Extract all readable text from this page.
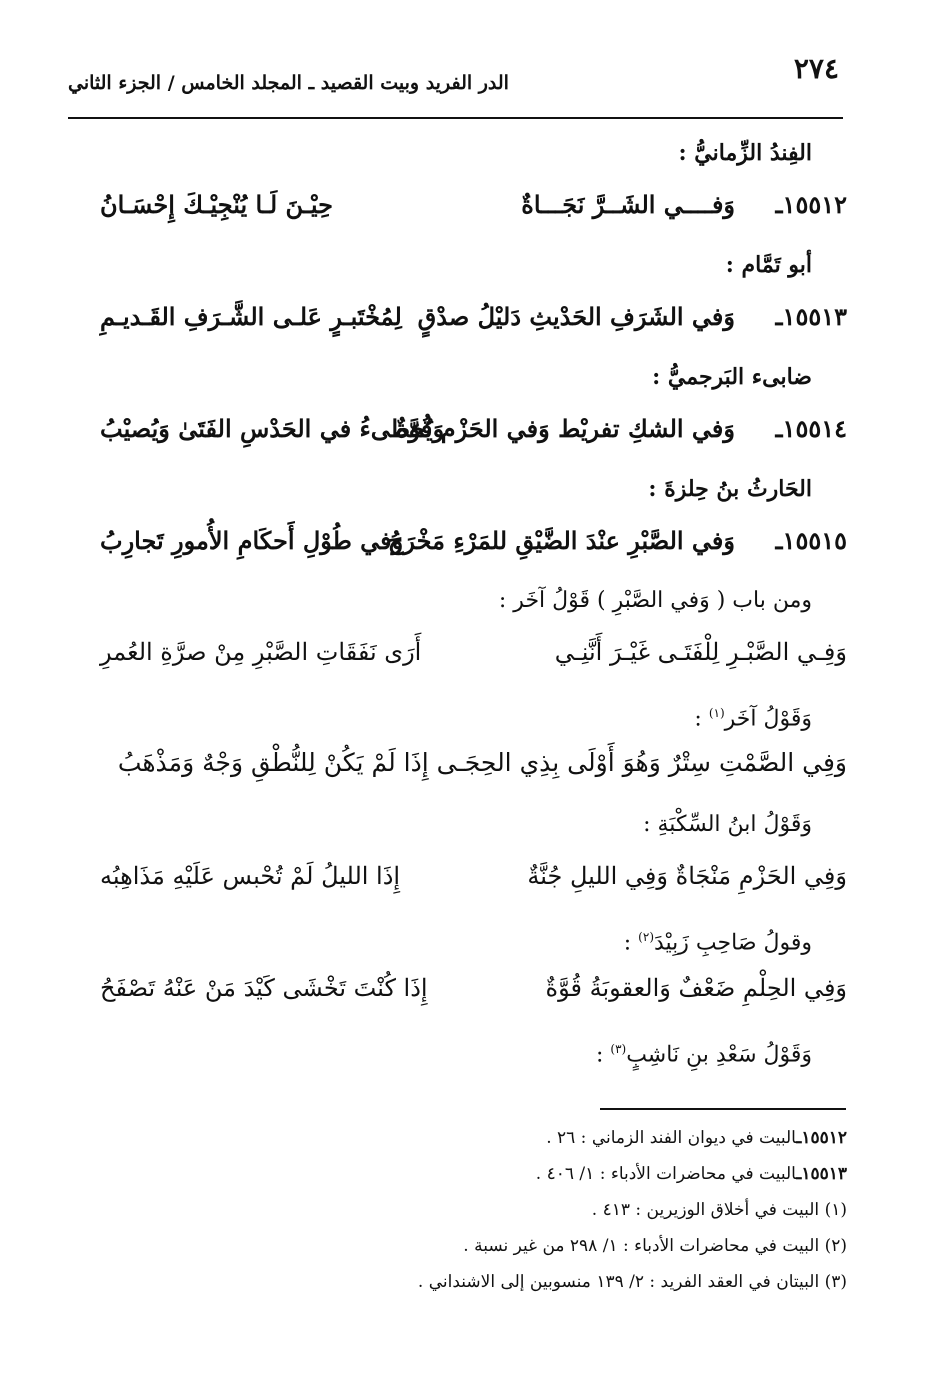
٢٧٤
الدر الفريد وبيت القصيد ـ المجلد الخامس / الجزء الثاني
الفِندُ الزِّمانيُّ :
١٥٥١٢ـ
وَفــــي الشَــرَّ نَجَـــاةٌ
حِيْـنَ لَـا يُنْجِيْـكَ إِحْسَـانُ
أبو تَمَّام :
١٥٥١٣ـ
وَفي الشَرَفِ الحَدْيثِ دَليْلُ صدْقٍ
لِمُخْتَبـرٍ عَلـى الشَّـرَفِ القَـديـمِ
ضابىء البَرجميُّ :
١٥٥١٤ـ
وَفي الشكِ تفريْط وَفي الحَزْم قُوَّةٌ
وَيُخطىءُ في الحَدْسِ الفَتَىٰ وَيُصيْبُ
الحَارثُ بنُ حِلزةَ :
١٥٥١٥ـ
وَفي الصَّبْرِ عنْدَ الضَّيْقِ للمَرْءِ مَخْرَجُ
وَفي طُوْلِ أَحكَامِ الأُمورِ تَجارِبُ
ومن باب ( وَفي الصَّبْرِ ) قَوْلُ آخَر :
وَفِـي الصَّبْـرِ لِلْفَتَـى غَيْـرَ أَنَّنِـي
أَرَى نَفَقَاتِ الصَّبْرِ مِنْ صرَّةِ العُمرِ
وَقَوْلُ آخَر$^{(١)}$ :
وَفِي الصَّمْتِ سِتْرٌ وَهُوَ أَوْلَى بِذِي الحِجَـى إِذَا لَمْ يَكُنْ لِلنُّطْقِ وَجْهٌ وَمَذْهَبُ
وَقَوْلُ ابنُ السِّكْبَةِ :
وَفِي الحَزْمِ مَنْجَاةٌ وَفِي الليلِ جُنَّةٌ
إِذَا الليلُ لَمْ تُحْبس عَلَيْهِ مَذَاهِبُه
وقولُ صَاحِبِ زَبِيْدَ$^{(٢)}$ :
وَفِي الحِلْمِ ضَعْفٌ وَالعقوبَةُ قُوَّةٌ
إِذَا كُنْتَ تَخْشَى كَيْدَ مَنْ عَنْهُ تَصْفَحُ
وَقَوْلُ سَعْدِ بنِ نَاشِبٍ$^{(٣)}$ :
١٥٥١٢ـالبيت في ديوان الفند الزماني : ٢٦ .
١٥٥١٣ـالبيت في محاضرات الأدباء : ١/ ٤٠٦ .
(١) البيت في أخلاق الوزيرين : ٤١٣ .
(٢) البيت في محاضرات الأدباء : ١/ ٢٩٨ من غير نسبة .
(٣) البيتان في العقد الفريد : ٢/ ١٣٩ منسوبين إلى الاشنداني .
